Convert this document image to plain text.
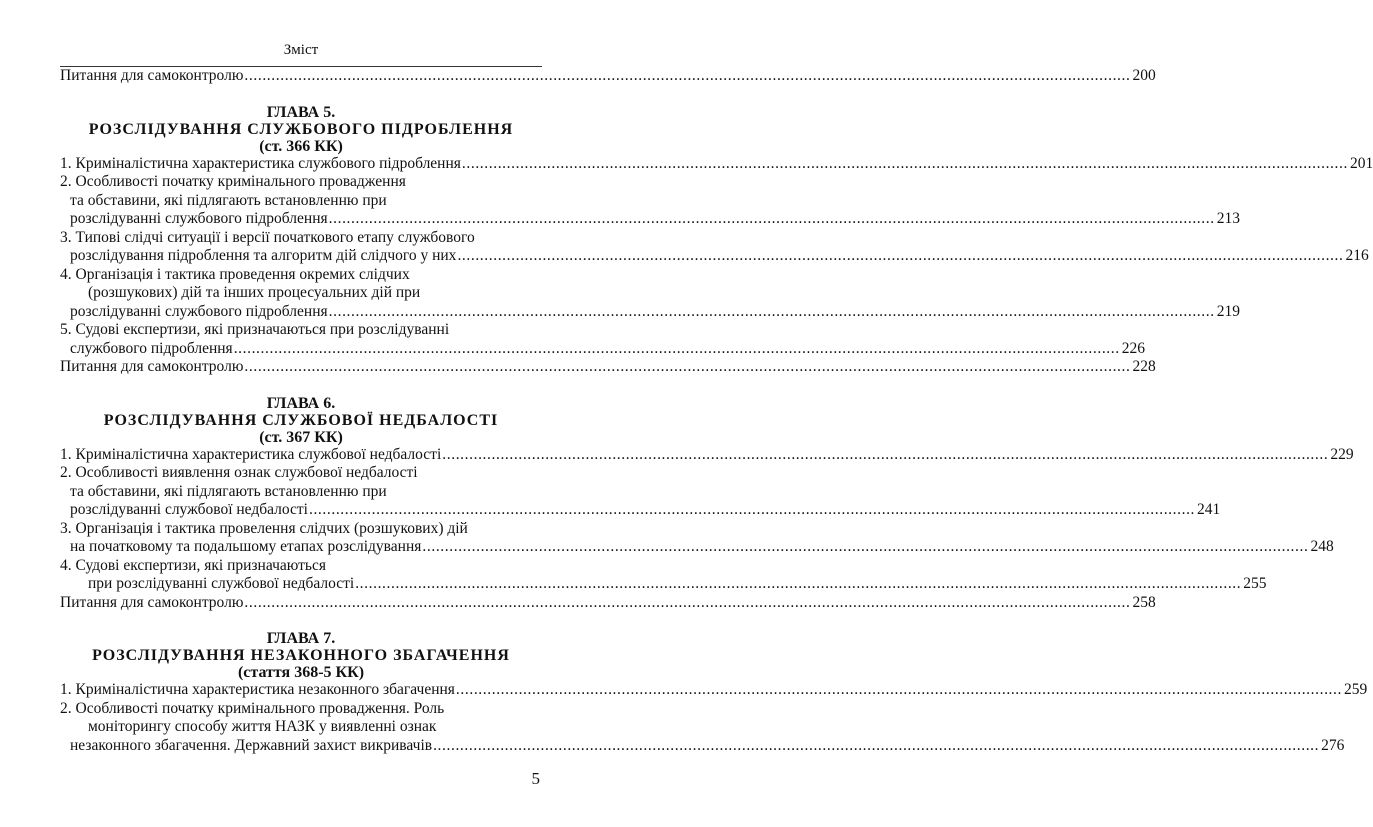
Зміст
Питання для самоконтролю .....	200
ГЛАВА 5.
РОЗСЛІДУВАННЯ СЛУЖБОВОГО ПІДРОБЛЕННЯ
(ст. 366 КК)
1. Криміналістична характеристика службового підроблення .....	201
2. Особливості початку кримінального провадження
та обставини, які підлягають встановленню при
розслідуванні службового підроблення .....	213
3. Типові слідчі ситуації і версії початкового етапу службового
розслідування підроблення та алгоритм дій слідчого у них .....	216
4. Організація і тактика проведення окремих слідчих
(розшукових) дій та інших процесуальних дій при
розслідуванні службового підроблення .....	219
5. Судові експертизи, які призначаються при розслідуванні
службового підроблення .....	226
Питання для самоконтролю .....	228
ГЛАВА 6.
РОЗСЛІДУВАННЯ СЛУЖБОВОЇ НЕДБАЛОСТІ
(ст. 367 КК)
1. Криміналістична характеристика службової недбалості .....	229
2. Особливості виявлення ознак службової недбалості
та обставини, які підлягають встановленню при
розслідуванні службової недбалості .....	241
3. Організація і тактика провелення слідчих (розшукових) дій
на початковому та подальшому етапах розслідування .....	248
4. Судові експертизи, які призначаються
при розслідуванні службової недбалості .....	255
Питання для самоконтролю .....	258
ГЛАВА 7.
РОЗСЛІДУВАННЯ НЕЗАКОННОГО ЗБАГАЧЕННЯ
(стаття 368-5 КК)
1. Криміналістична характеристика незаконного збагачення .....	259
2. Особливості початку кримінального провадження. Роль
моніторингу способу життя НАЗК у виявленні ознак
незаконного збагачення. Державний захист викривачів .....	276
5
